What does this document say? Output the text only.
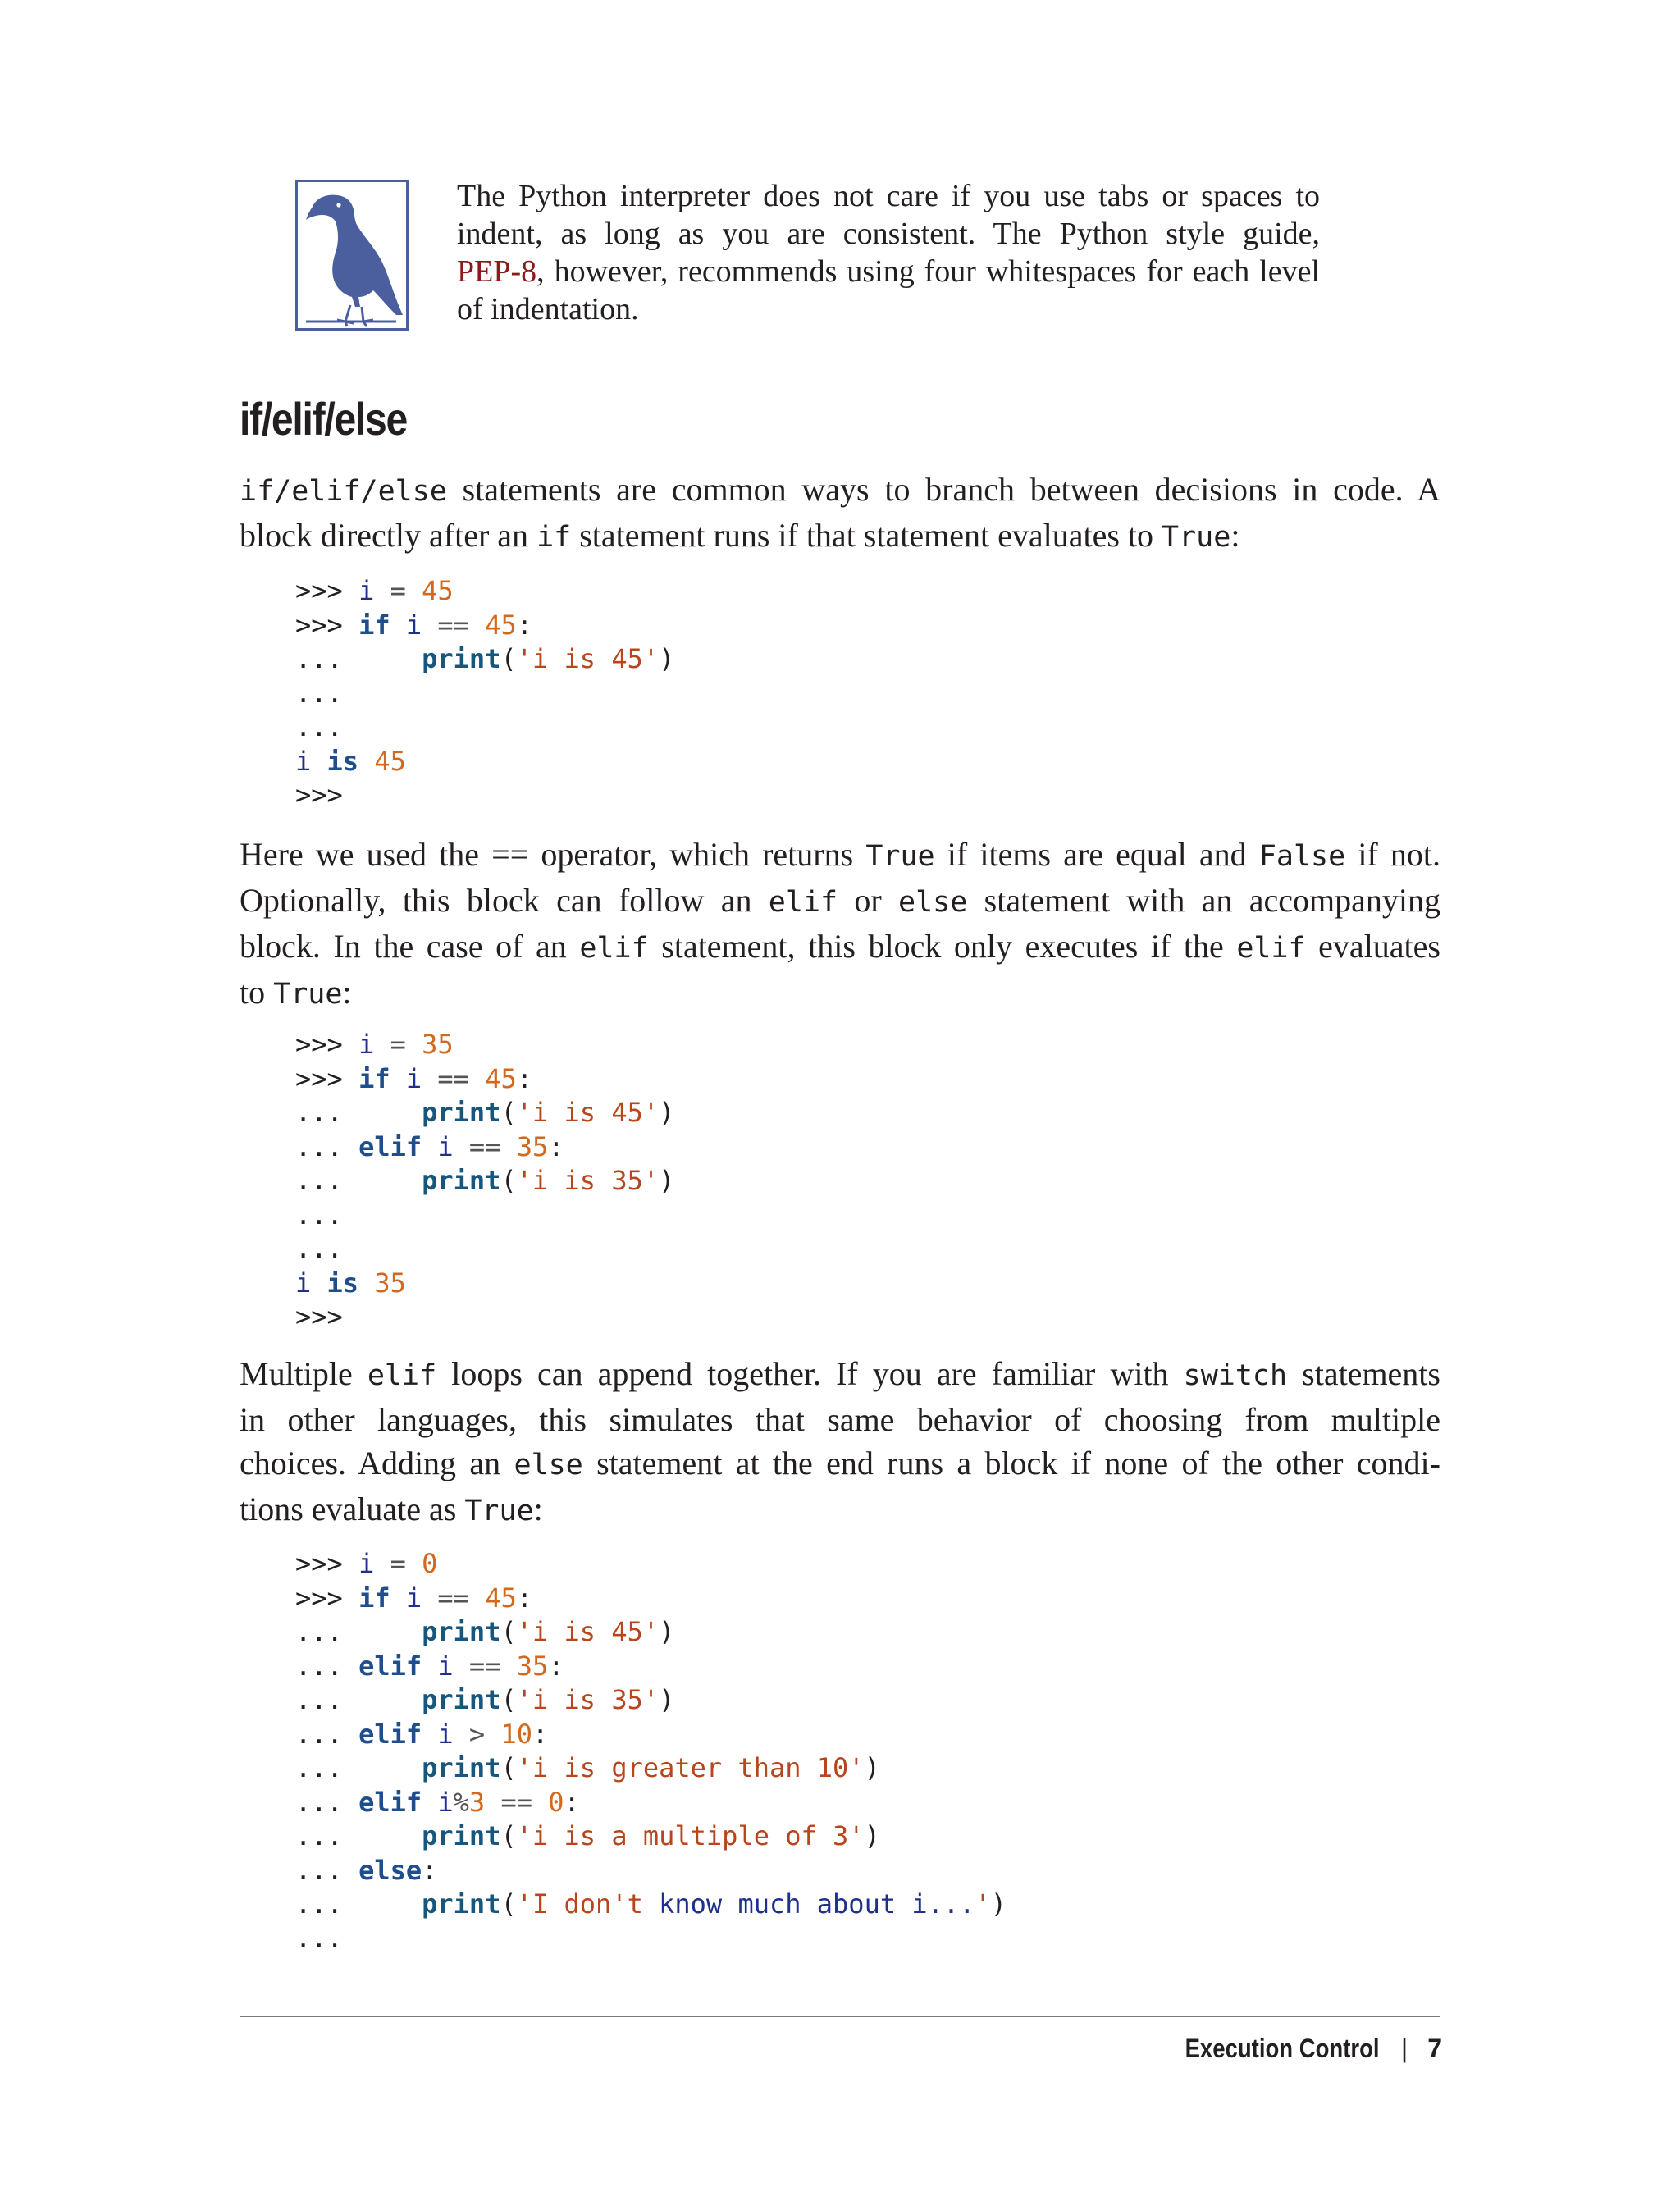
The Python interpreter does not care if you use tabs or spaces to
indent, as long as you are consistent. The Python style guide,
PEP-8, however, recommends using four whitespaces for each level
of indentation.
if/elif/else
if/elif/else statements are common ways to branch between decisions in code. A
block directly after an if statement runs if that statement evaluates to True:
>>> i = 45
>>> if i == 45:
...     print('i is 45')
...
...
i is 45
>>>
Here we used the == operator, which returns True if items are equal and False if not.
Optionally, this block can follow an elif or else statement with an accompanying
block. In the case of an elif statement, this block only executes if the elif evaluates
to True:
>>> i = 35
>>> if i == 45:
...     print('i is 45')
... elif i == 35:
...     print('i is 35')
...
...
i is 35
>>>
Multiple elif loops can append together. If you are familiar with switch statements
in other languages, this simulates that same behavior of choosing from multiple
choices. Adding an else statement at the end runs a block if none of the other condi-
tions evaluate as True:
>>> i = 0
>>> if i == 45:
...     print('i is 45')
... elif i == 35:
...     print('i is 35')
... elif i > 10:
...     print('i is greater than 10')
... elif i%3 == 0:
...     print('i is a multiple of 3')
... else:
...     print('I don't know much about i...')
...
Execution Control | 7
